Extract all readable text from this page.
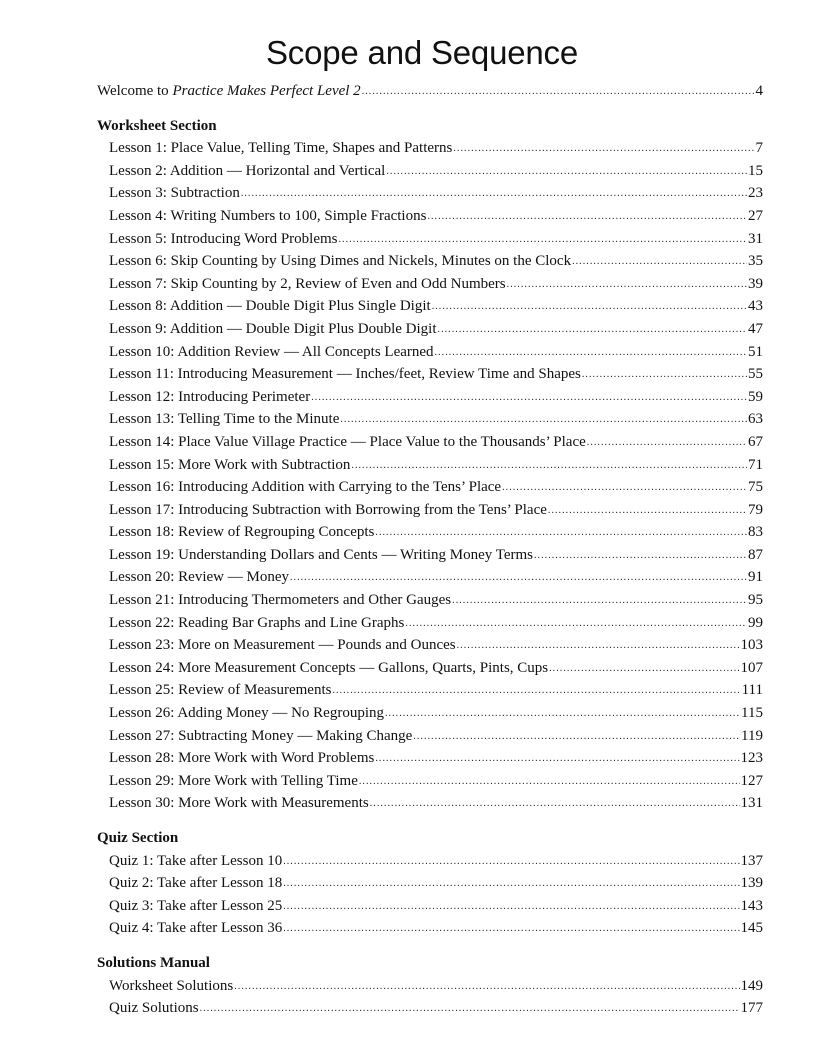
Scope and Sequence
Welcome to Practice Makes Perfect Level 2 .....	4
Worksheet Section
Lesson 1: Place Value, Telling Time, Shapes and Patterns .....	7
Lesson 2: Addition — Horizontal and Vertical .....	15
Lesson 3: Subtraction .....	23
Lesson 4: Writing Numbers to 100, Simple Fractions .....	27
Lesson 5: Introducing Word Problems .....	31
Lesson 6: Skip Counting by Using Dimes and Nickels, Minutes on the Clock .....	35
Lesson 7: Skip Counting by 2, Review of Even and Odd Numbers .....	39
Lesson 8: Addition — Double Digit Plus Single Digit .....	43
Lesson 9: Addition — Double Digit Plus Double Digit .....	47
Lesson 10: Addition Review — All Concepts Learned .....	51
Lesson 11: Introducing Measurement — Inches/feet, Review Time and Shapes .....	55
Lesson 12: Introducing Perimeter .....	59
Lesson 13: Telling Time to the Minute .....	63
Lesson 14: Place Value Village Practice — Place Value to the Thousands’ Place .....	67
Lesson 15: More Work with Subtraction .....	71
Lesson 16: Introducing Addition with Carrying to the Tens’ Place .....	75
Lesson 17: Introducing Subtraction with Borrowing from the Tens’ Place .....	79
Lesson 18: Review of Regrouping Concepts .....	83
Lesson 19: Understanding Dollars and Cents — Writing Money Terms .....	87
Lesson 20: Review — Money .....	91
Lesson 21: Introducing Thermometers and Other Gauges .....	95
Lesson 22: Reading Bar Graphs and Line Graphs .....	99
Lesson 23: More on Measurement — Pounds and Ounces .....	103
Lesson 24: More Measurement Concepts — Gallons, Quarts, Pints, Cups .....	107
Lesson 25: Review of Measurements .....	111
Lesson 26: Adding Money — No Regrouping .....	115
Lesson 27: Subtracting Money — Making Change .....	119
Lesson 28: More Work with Word Problems .....	123
Lesson 29: More Work with Telling Time .....	127
Lesson 30: More Work with Measurements .....	131
Quiz Section
Quiz 1: Take after Lesson 10 .....	137
Quiz 2: Take after Lesson 18 .....	139
Quiz 3: Take after Lesson 25 .....	143
Quiz 4: Take after Lesson 36 .....	145
Solutions Manual
Worksheet Solutions .....	149
Quiz Solutions .....	177
